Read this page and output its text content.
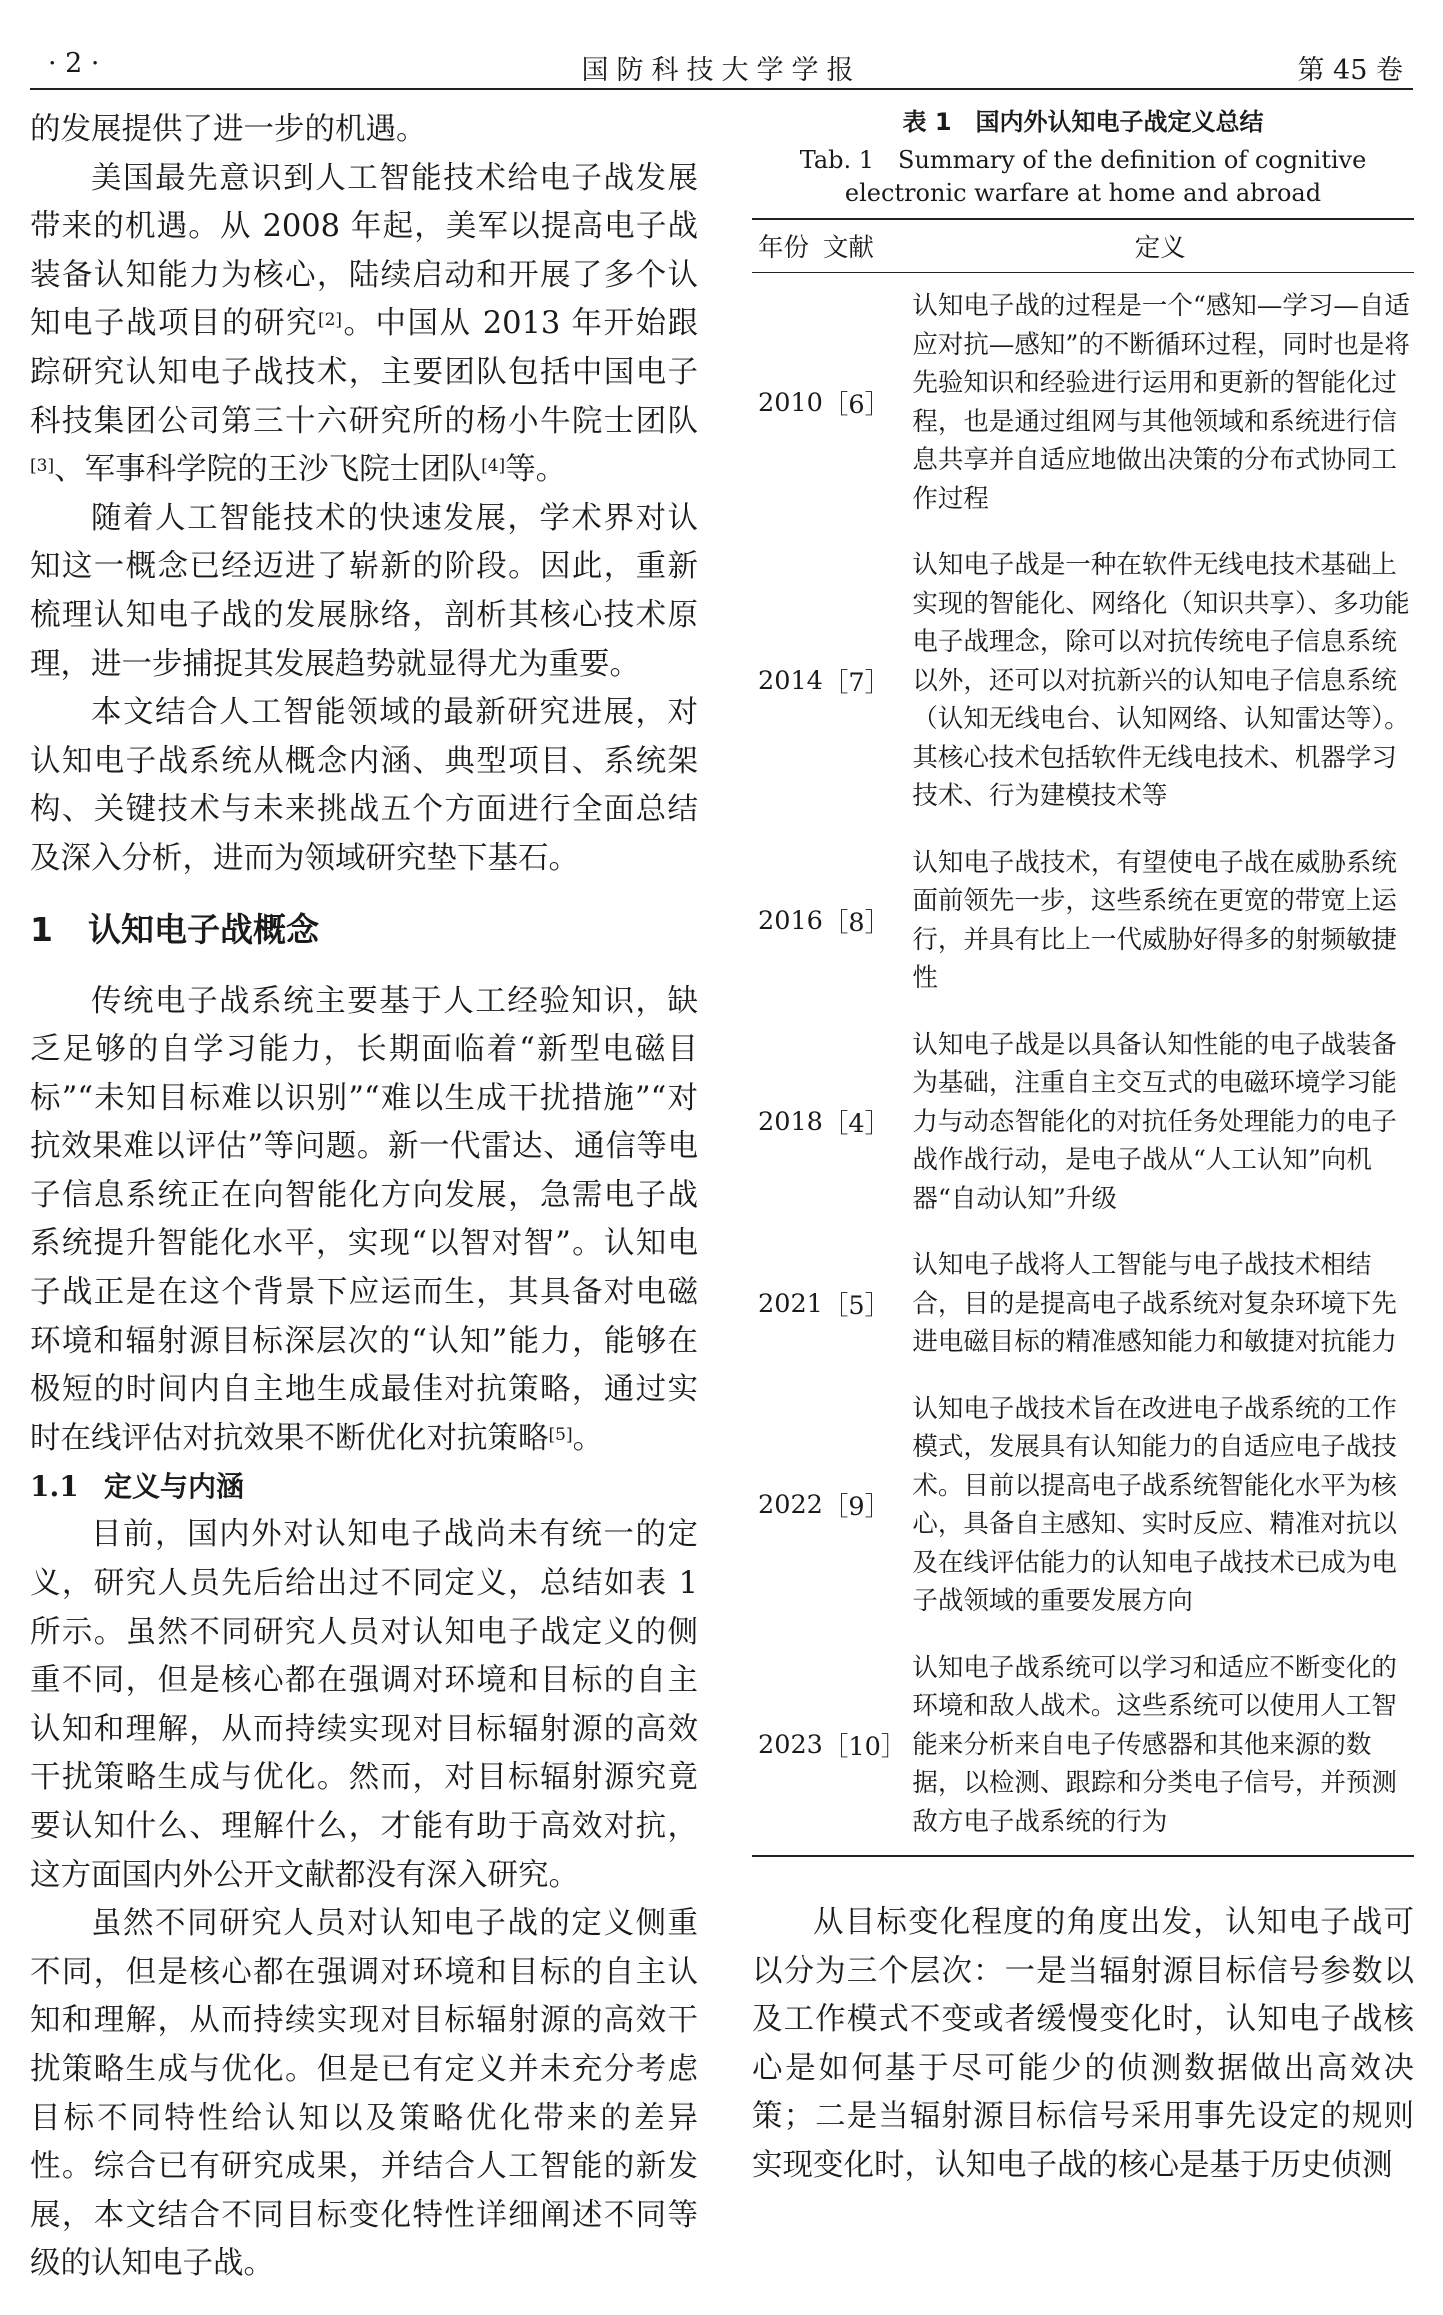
· 2 ·	国防科技大学学报	第 45 卷

的发展提供了进一步的机遇。

美国最先意识到人工智能技术给电子战发展带来的机遇。从 2008 年起，美军以提高电子战装备认知能力为核心，陆续启动和开展了多个认知电子战项目的研究[2]。中国从 2013 年开始跟踪研究认知电子战技术，主要团队包括中国电子科技集团公司第三十六研究所的杨小牛院士团队[3]、军事科学院的王沙飞院士团队[4]等。

随着人工智能技术的快速发展，学术界对认知这一概念已经迈进了崭新的阶段。因此，重新梳理认知电子战的发展脉络，剖析其核心技术原理，进一步捕捉其发展趋势就显得尤为重要。

本文结合人工智能领域的最新研究进展，对认知电子战系统从概念内涵、典型项目、系统架构、关键技术与未来挑战五个方面进行全面总结及深入分析，进而为领域研究垫下基石。

1 认知电子战概念

传统电子战系统主要基于人工经验知识，缺乏足够的自学习能力，长期面临着“新型电磁目标”“未知目标难以识别”“难以生成干扰措施”“对抗效果难以评估”等问题。新一代雷达、通信等电子信息系统正在向智能化方向发展，急需电子战系统提升智能化水平，实现“以智对智”。认知电子战正是在这个背景下应运而生，其具备对电磁环境和辐射源目标深层次的“认知”能力，能够在极短的时间内自主地生成最佳对抗策略，通过实时在线评估对抗效果不断优化对抗策略[5]。

1.1 定义与内涵

目前，国内外对认知电子战尚未有统一的定义，研究人员先后给出过不同定义，总结如表 1 所示。虽然不同研究人员对认知电子战定义的侧重不同，但是核心都在强调对环境和目标的自主认知和理解，从而持续实现对目标辐射源的高效干扰策略生成与优化。然而，对目标辐射源究竟要认知什么、理解什么，才能有助于高效对抗，这方面国内外公开文献都没有深入研究。

虽然不同研究人员对认知电子战的定义侧重不同，但是核心都在强调对环境和目标的自主认知和理解，从而持续实现对目标辐射源的高效干扰策略生成与优化。但是已有定义并未充分考虑目标不同特性给认知以及策略优化带来的差异性。综合已有研究成果，并结合人工智能的新发展，本文结合不同目标变化特性详细阐述不同等级的认知电子战。

表 1　国内外认知电子战定义总结
Tab. 1　Summary of the definition of cognitive
electronic warfare at home and abroad
年份	文献	定义
2010	［6］	认知电子战的过程是一个“感知—学习—自适应对抗—感知”的不断循环过程，同时也是将先验知识和经验进行运用和更新的智能化过程，也是通过组网与其他领域和系统进行信息共享并自适应地做出决策的分布式协同工作过程
2014	［7］	认知电子战是一种在软件无线电技术基础上实现的智能化、网络化（知识共享）、多功能电子战理念，除可以对抗传统电子信息系统以外，还可以对抗新兴的认知电子信息系统（认知无线电台、认知网络、认知雷达等）。其核心技术包括软件无线电技术、机器学习技术、行为建模技术等
2016	［8］	认知电子战技术，有望使电子战在威胁系统面前领先一步，这些系统在更宽的带宽上运行，并具有比上一代威胁好得多的射频敏捷性
2018	［4］	认知电子战是以具备认知性能的电子战装备为基础，注重自主交互式的电磁环境学习能力与动态智能化的对抗任务处理能力的电子战作战行动，是电子战从“人工认知”向机器“自动认知”升级
2021	［5］	认知电子战将人工智能与电子战技术相结合，目的是提高电子战系统对复杂环境下先进电磁目标的精准感知能力和敏捷对抗能力
2022	［9］	认知电子战技术旨在改进电子战系统的工作模式，发展具有认知能力的自适应电子战技术。目前以提高电子战系统智能化水平为核心，具备自主感知、实时反应、精准对抗以及在线评估能力的认知电子战技术已成为电子战领域的重要发展方向
2023	［10］	认知电子战系统可以学习和适应不断变化的环境和敌人战术。这些系统可以使用人工智能来分析来自电子传感器和其他来源的数据，以检测、跟踪和分类电子信号，并预测敌方电子战系统的行为

从目标变化程度的角度出发，认知电子战可以分为三个层次：一是当辐射源目标信号参数以及工作模式不变或者缓慢变化时，认知电子战核心是如何基于尽可能少的侦测数据做出高效决策；二是当辐射源目标信号采用事先设定的规则实现变化时，认知电子战的核心是基于历史侦测
